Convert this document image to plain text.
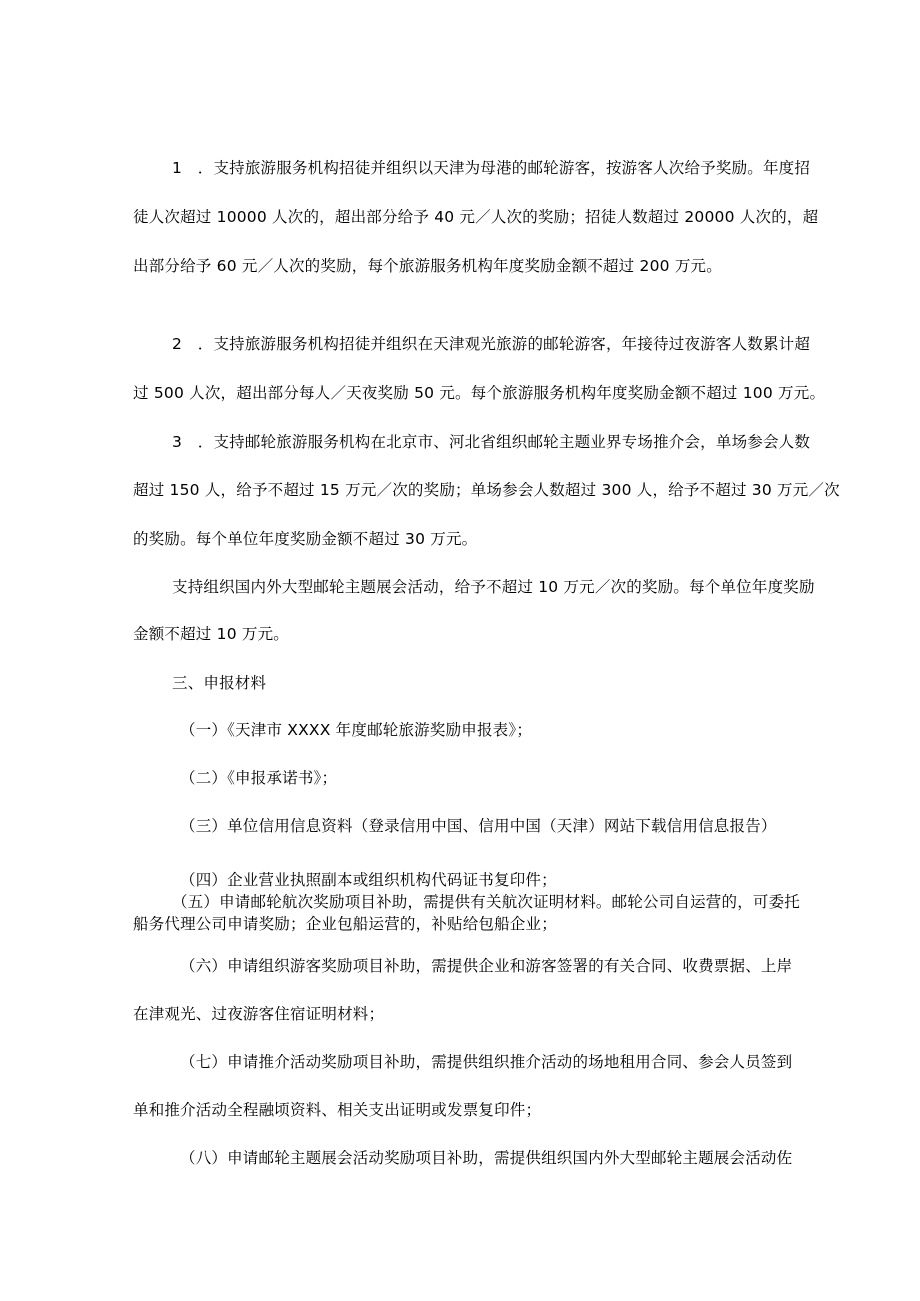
1　．支持旅游服务机构招徒并组织以天津为母港的邮轮游客，按游客人次给予奖励。年度招
徒人次超过 10000 人次的，超出部分给予 40 元／人次的奖励；招徒人数超过 20000 人次的，超
出部分给予 60 元／人次的奖励，每个旅游服务机构年度奖励金额不超过 200 万元。
2　．支持旅游服务机构招徒并组织在天津观光旅游的邮轮游客，年接待过夜游客人数累计超
过 500 人次，超出部分每人／天夜奖励 50 元。每个旅游服务机构年度奖励金额不超过 100 万元。
3　．支持邮轮旅游服务机构在北京市、河北省组织邮轮主题业界专场推介会，单场参会人数
超过 150 人，给予不超过 15 万元／次的奖励；单场参会人数超过 300 人，给予不超过 30 万元／次
的奖励。每个单位年度奖励金额不超过 30 万元。
支持组织国内外大型邮轮主题展会活动，给予不超过 10 万元／次的奖励。每个单位年度奖励
金额不超过 10 万元。
三、申报材料
（一）《天津市 XXXX 年度邮轮旅游奖励申报表》；
（二）《申报承诺书》；
（三）单位信用信息资料（登录信用中国、信用中国（天津）网站下载信用信息报告）
（四）企业营业执照副本或组织机构代码证书复印件；
（五）申请邮轮航次奖励项目补助，需提供有关航次证明材料。邮轮公司自运营的，可委托
船务代理公司申请奖励；企业包船运营的，补贴给包船企业；
（六）申请组织游客奖励项目补助，需提供企业和游客签署的有关合同、收费票据、上岸
在津观光、过夜游客住宿证明材料；
（七）申请推介活动奖励项目补助，需提供组织推介活动的场地租用合同、参会人员签到
单和推介活动全程融顷资料、相关支出证明或发票复印件；
（八）申请邮轮主题展会活动奖励项目补助，需提供组织国内外大型邮轮主题展会活动佐
